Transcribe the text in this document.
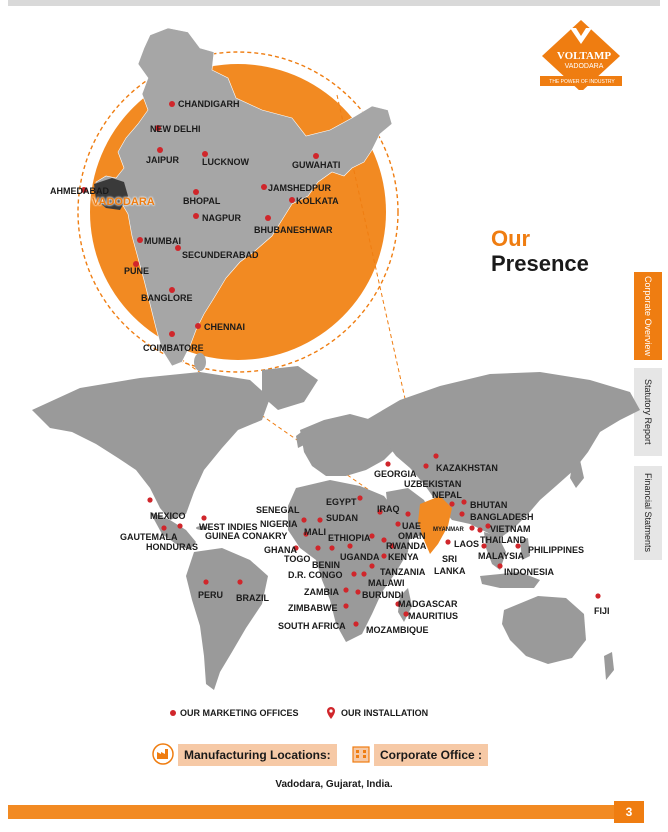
VOLTAMP
VADODARA
THE POWER OF INDUSTRY
Our
Presence
Corporate Overview
Statutory Report
Financial Statments
CHANDIGARH
NEW DELHI
JAIPUR	LUCKNOW	GUWAHATI
AHMEDABAD
VADODARA	BHOPAL
JAMSHEDPUR
KOLKATA
NAGPUR
BHUBANESHWAR
MUMBAI
SECUNDERABAD
PUNE
BANGLORE
CHENNAI
COIMBATORE
GEORGIA
KAZAKHSTAN
UZBEKISTAN
NEPAL
BHUTAN
BANGLADESH
MYANMAR	VIETNAM
THAILAND
LAOS
PHILIPPINES
MALAYSIA
INDONESIA
SRI
LANKA
EGYPT
IRAQ
UAE
OMAN
SENEGAL
NIGERIA
SUDAN
GUINEA CONAKRY MALI
ETHIOPIA
RWANDA
GHANA
TOGO
BENIN
UGANDA KENYA
D.R. CONGO	TANZANIA
MALAWI
ZAMBIA	BURUNDI
ZIMBABWE	MADGASCAR
MAURITIUS
SOUTH AFRICA MOZAMBIQUE
MEXICO
WEST INDIES
GAUTEMALA
HONDURAS
PERU BRAZIL
FIJI
OUR MARKETING OFFICES	OUR INSTALLATION
Manufacturing Locations:	Corporate Office :
Vadodara, Gujarat, India.
3
